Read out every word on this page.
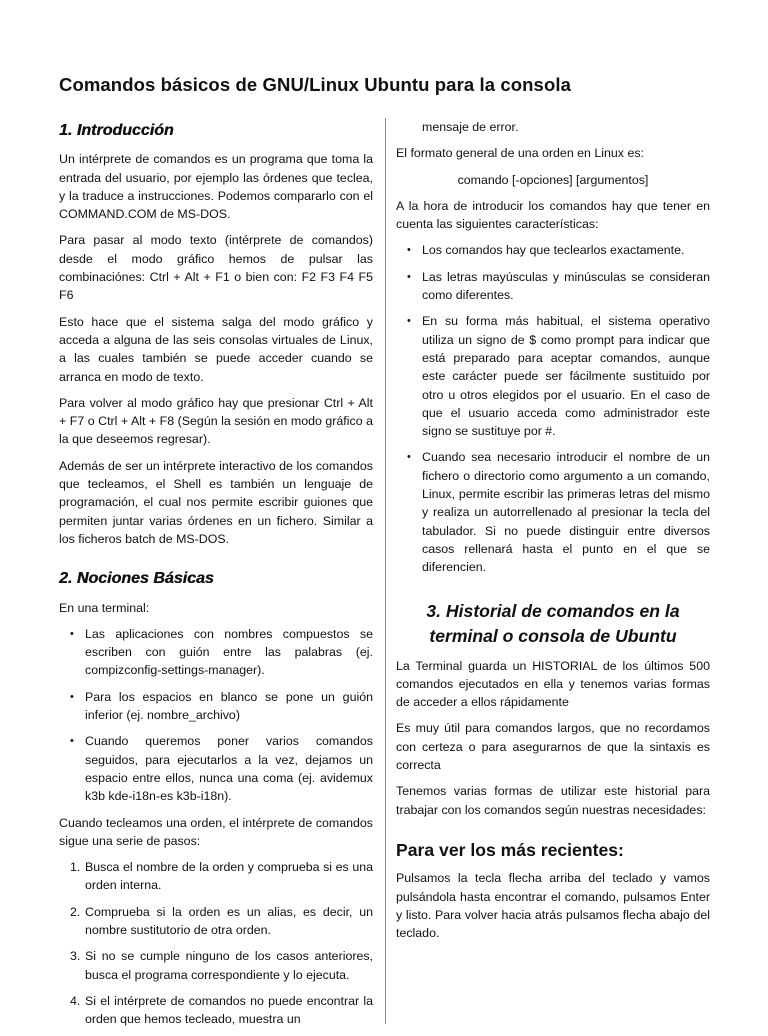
Comandos básicos de GNU/Linux Ubuntu para la consola
1. Introducción

Un intérprete de comandos es un programa que toma la entrada del usuario, por ejemplo las órdenes que teclea, y la traduce a instrucciones. Podemos compararlo con el COMMAND.COM de MS-DOS.

Para pasar al modo texto (intérprete de comandos) desde el modo gráfico hemos de pulsar las combinaciónes: Ctrl + Alt + F1 o bien con: F2 F3 F4 F5 F6

Esto hace que el sistema salga del modo gráfico y acceda a alguna de las seis consolas virtuales de Linux, a las cuales también se puede acceder cuando se arranca en modo de texto.

Para volver al modo gráfico hay que presionar Ctrl + Alt + F7 o Ctrl + Alt + F8 (Según la sesión en modo gráfico a la que deseemos regresar).

Además de ser un intérprete interactivo de los comandos que tecleamos, el Shell es también un lenguaje de programación, el cual nos permite escribir guiones que permiten juntar varias órdenes en un fichero. Similar a los ficheros batch de MS-DOS.

2. Nociones Básicas

En una terminal:

• Las aplicaciones con nombres compuestos se escriben con guión entre las palabras (ej. compizconfig-settings-manager).
• Para los espacios en blanco se pone un guión inferior (ej. nombre_archivo)
• Cuando queremos poner varios comandos seguidos, para ejecutarlos a la vez, dejamos un espacio entre ellos, nunca una coma (ej. avidemux k3b kde-i18n-es k3b-i18n).

Cuando tecleamos una orden, el intérprete de comandos sigue una serie de pasos:

1. Busca el nombre de la orden y comprueba si es una orden interna.
2. Comprueba si la orden es un alias, es decir, un nombre sustitutorio de otra orden.
3. Si no se cumple ninguno de los casos anteriores, busca el programa correspondiente y lo ejecuta.
4. Si el intérprete de comandos no puede encontrar la orden que hemos tecleado, muestra un
mensaje de error.

El formato general de una orden en Linux es:

comando [-opciones] [argumentos]

A la hora de introducir los comandos hay que tener en cuenta las siguientes características:

• Los comandos hay que teclearlos exactamente.
• Las letras mayúsculas y minúsculas se consideran como diferentes.
• En su forma más habitual, el sistema operativo utiliza un signo de $ como prompt para indicar que está preparado para aceptar comandos, aunque este carácter puede ser fácilmente sustituido por otro u otros elegidos por el usuario. En el caso de que el usuario acceda como administrador este signo se sustituye por #.
• Cuando sea necesario introducir el nombre de un fichero o directorio como argumento a un comando, Linux, permite escribir las primeras letras del mismo y realiza un autorrellenado al presionar la tecla del tabulador. Si no puede distinguir entre diversos casos rellenará hasta el punto en el que se diferencien.
3. Historial de comandos en la terminal o consola de Ubuntu

La Terminal guarda un HISTORIAL de los últimos 500 comandos ejecutados en ella y tenemos varias formas de acceder a ellos rápidamente

Es muy útil para comandos largos, que no recordamos con certeza o para asegurarnos de que la sintaxis es correcta

Tenemos varias formas de utilizar este historial para trabajar con los comandos según nuestras necesidades:

Para ver los más recientes:

Pulsamos la tecla flecha arriba del teclado y vamos pulsándola hasta encontrar el comando, pulsamos Enter y listo. Para volver hacia atrás pulsamos flecha abajo del teclado.
